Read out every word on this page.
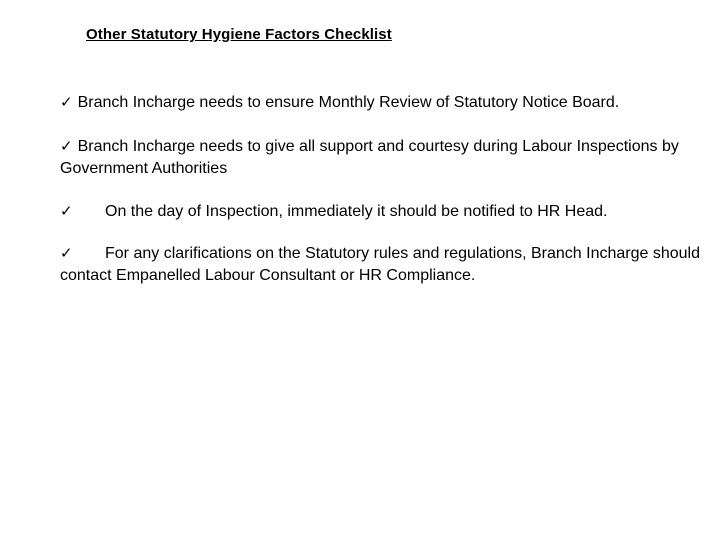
Other Statutory Hygiene Factors Checklist
✓ Branch Incharge needs to ensure Monthly Review of Statutory Notice Board.
✓ Branch Incharge needs to give all support and courtesy during Labour Inspections by Government Authorities
✓ On the day of Inspection, immediately it should be notified to HR Head.
✓ For any clarifications on the Statutory rules and regulations, Branch Incharge should contact Empanelled Labour Consultant or HR Compliance.
